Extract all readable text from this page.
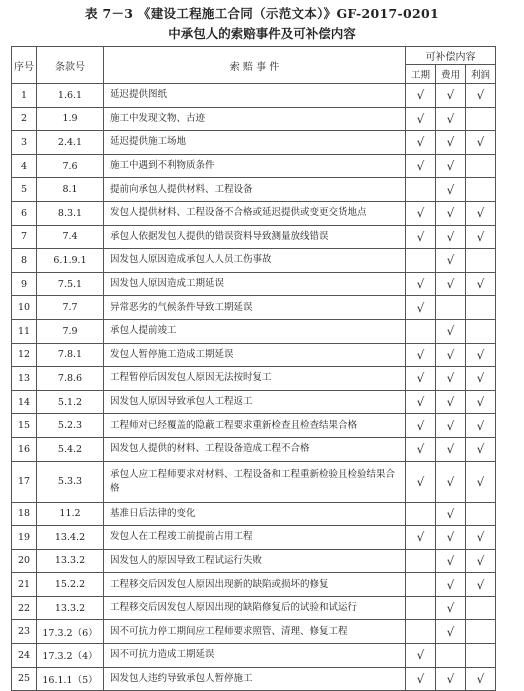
表 7－3 《建设工程施工合同（示范文本）》GF-2017-0201
中承包人的索赔事件及可补偿内容
序号	条款号	索 赔 事 件	可补偿内容		
			工期	费用	利润
1	1.6.1	延迟提供图纸	√	√	√
2	1.9	施工中发现文物、古迹	√	√	
3	2.4.1	延迟提供施工场地	√	√	√
4	7.6	施工中遇到不利物质条件	√	√	
5	8.1	提前向承包人提供材料、工程设备		√	
6	8.3.1	发包人提供材料、工程设备不合格或延迟提供或变更交货地点	√	√	√
7	7.4	承包人依据发包人提供的错误资料导致测量放线错误	√	√	√
8	6.1.9.1	因发包人原因造成承包人人员工伤事故		√	
9	7.5.1	因发包人原因造成工期延误	√	√	√
10	7.7	异常恶劣的气候条件导致工期延误	√		
11	7.9	承包人提前竣工		√	
12	7.8.1	发包人暂停施工造成工期延误	√	√	√
13	7.8.6	工程暂停后因发包人原因无法按时复工	√	√	√
14	5.1.2	因发包人原因导致承包人工程返工	√	√	√
15	5.2.3	工程师对已经覆盖的隐蔽工程要求重新检查且检查结果合格	√	√	√
16	5.4.2	因发包人提供的材料、工程设备造成工程不合格	√	√	√
17	5.3.3	承包人应工程师要求对材料、工程设备和工程重新检验且检验结果合格	√	√	√
18	11.2	基准日后法律的变化		√	
19	13.4.2	发包人在工程竣工前提前占用工程	√	√	√
20	13.3.2	因发包人的原因导致工程试运行失败		√	√
21	15.2.2	工程移交后因发包人原因出现新的缺陷或损坏的修复		√	√
22	13.3.2	工程移交后因发包人原因出现的缺陷修复后的试验和试运行		√	
23	17.3.2（6）	因不可抗力停工期间应工程师要求照管、清理、修复工程		√	
24	17.3.2（4）	因不可抗力造成工期延误	√		
25	16.1.1（5）	因发包人违约导致承包人暂停施工	√	√	√
